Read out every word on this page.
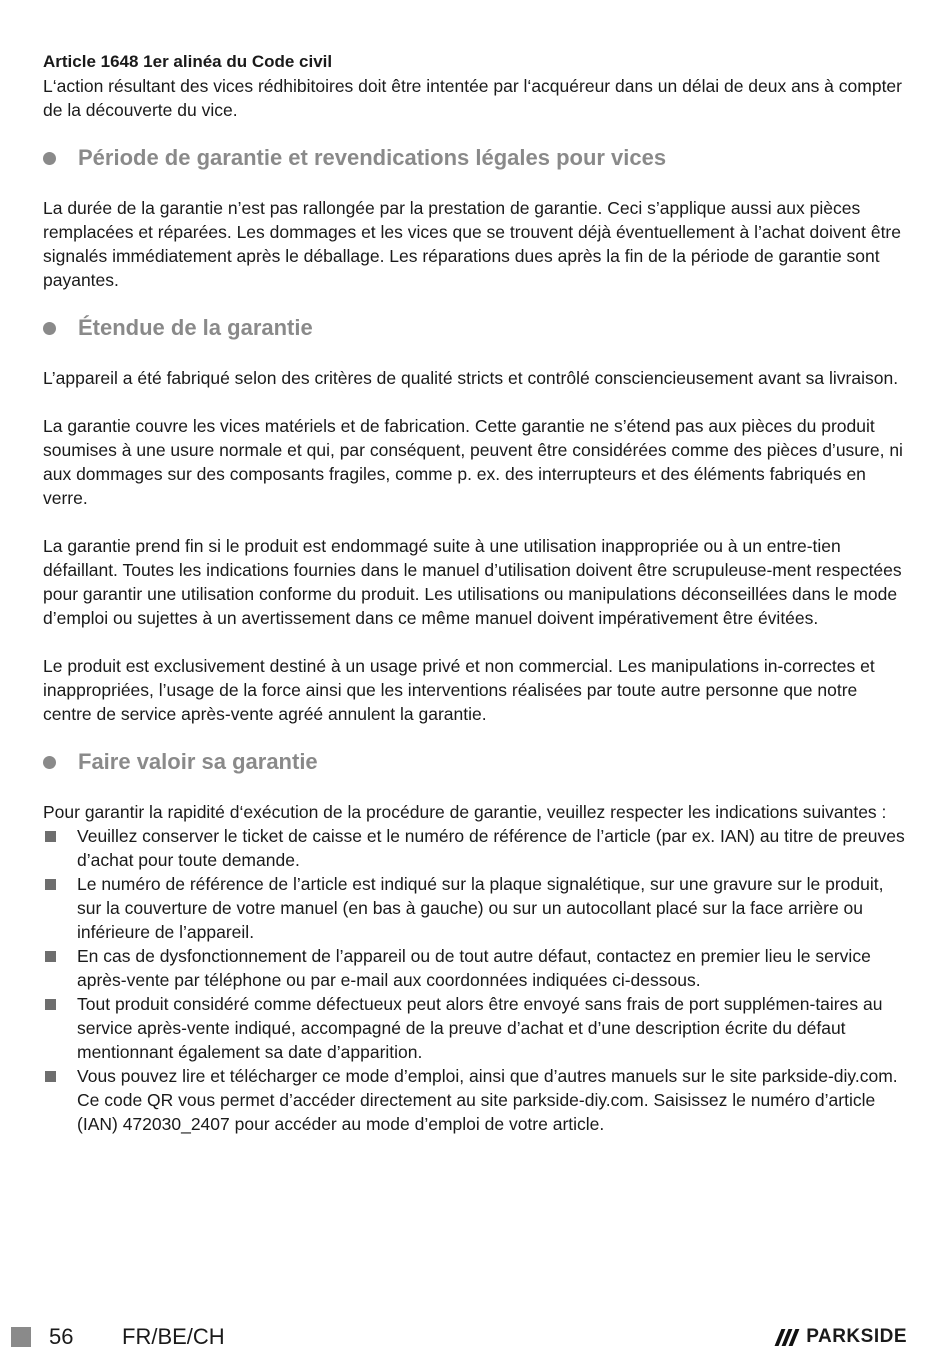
Article 1648 1er alinéa du Code civil

L‘action résultant des vices rédhibitoires doit être intentée par l‘acquéreur dans un délai de deux ans à compter de la découverte du vice.

Période de garantie et revendications légales pour vices

La durée de la garantie n’est pas rallongée par la prestation de garantie. Ceci s’applique aussi aux pièces remplacées et réparées. Les dommages et les vices que se trouvent déjà éventuellement à l’achat doivent être signalés immédiatement après le déballage. Les réparations dues après la fin de la période de garantie sont payantes.

Étendue de la garantie

L’appareil a été fabriqué selon des critères de qualité stricts et contrôlé consciencieusement avant sa livraison.

La garantie couvre les vices matériels et de fabrication. Cette garantie ne s’étend pas aux pièces du produit soumises à une usure normale et qui, par conséquent, peuvent être considérées comme des pièces d’usure, ni aux dommages sur des composants fragiles, comme p. ex. des interrupteurs et des éléments fabriqués en verre.

La garantie prend fin si le produit est endommagé suite à une utilisation inappropriée ou à un entre-tien défaillant. Toutes les indications fournies dans le manuel d’utilisation doivent être scrupuleuse-ment respectées pour garantir une utilisation conforme du produit. Les utilisations ou manipulations déconseillées dans le mode d’emploi ou sujettes à un avertissement dans ce même manuel doivent impérativement être évitées.

Le produit est exclusivement destiné à un usage privé et non commercial. Les manipulations in-correctes et inappropriées, l’usage de la force ainsi que les interventions réalisées par toute autre personne que notre centre de service après-vente agréé annulent la garantie.

Faire valoir sa garantie

Pour garantir la rapidité d‘exécution de la procédure de garantie, veuillez respecter les indications suivantes :

Veuillez conserver le ticket de caisse et le numéro de référence de l’article (par ex. IAN) au titre de preuves d’achat pour toute demande.
Le numéro de référence de l’article est indiqué sur la plaque signalétique, sur une gravure sur le produit, sur la couverture de votre manuel (en bas à gauche) ou sur un autocollant placé sur la face arrière ou inférieure de l’appareil.
En cas de dysfonctionnement de l’appareil ou de tout autre défaut, contactez en premier lieu le service après-vente par téléphone ou par e-mail aux coordonnées indiquées ci-dessous.
Tout produit considéré comme défectueux peut alors être envoyé sans frais de port supplémen-taires au service après-vente indiqué, accompagné de la preuve d’achat et d’une description écrite du défaut mentionnant également sa date d’apparition.
Vous pouvez lire et télécharger ce mode d’emploi, ainsi que d’autres manuels sur le site parkside-diy.com. Ce code QR vous permet d’accéder directement au site parkside-diy.com. Saisissez le numéro d’article (IAN) 472030_2407 pour accéder au mode d’emploi de votre article.
56 FR/BE/CH	PARKSIDE
